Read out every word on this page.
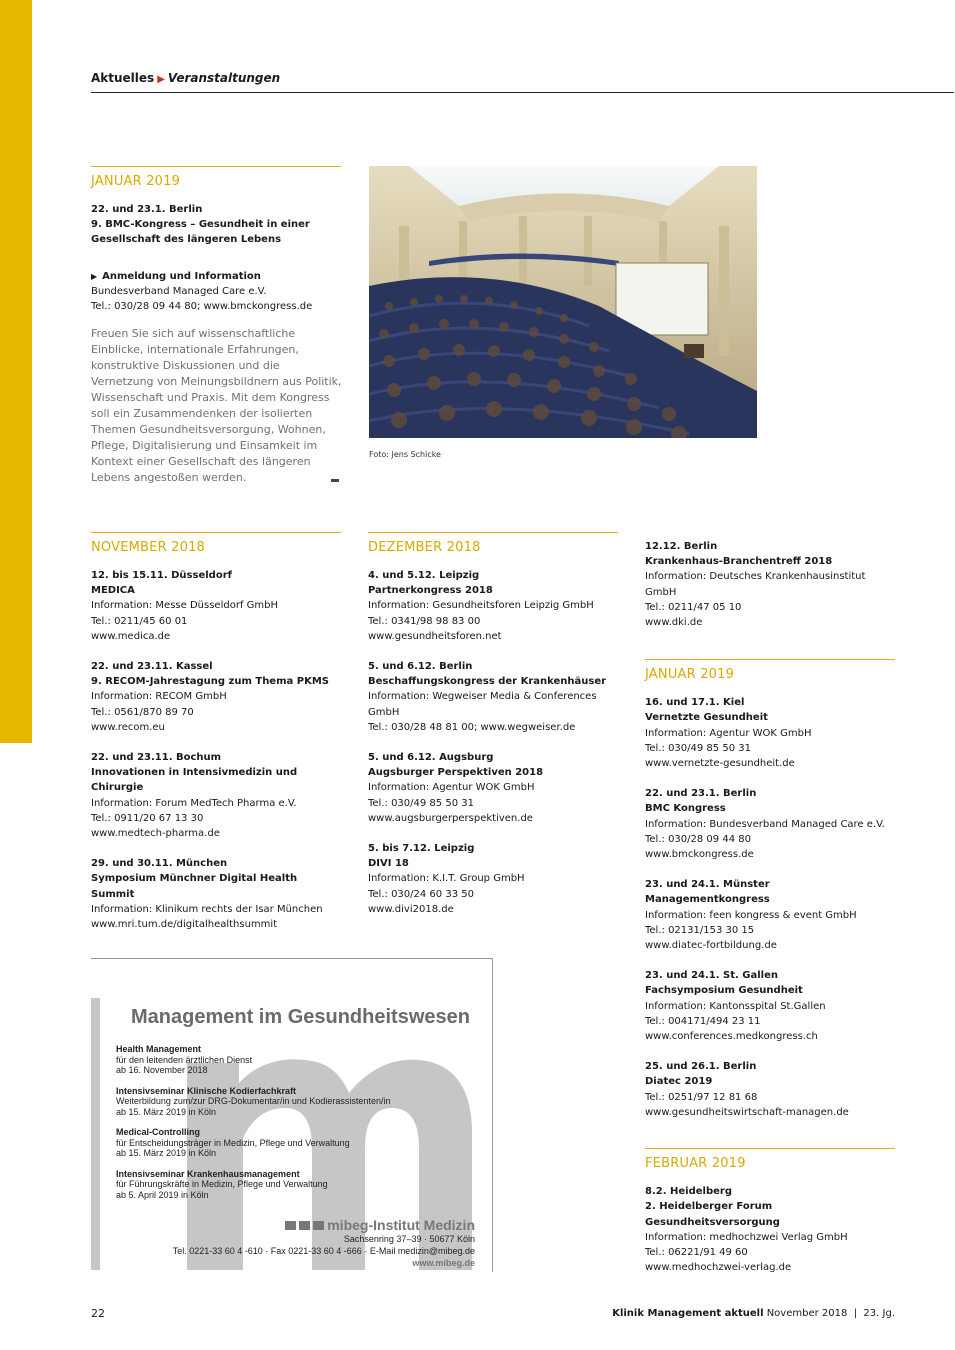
Aktuelles ▶ Veranstaltungen
JANUAR 2019
22. und 23.1. Berlin
9. BMC-Kongress – Gesundheit in einer Gesellschaft des längeren Lebens
▶ Anmeldung und Information
Bundesverband Managed Care e.V.
Tel.: 030/28 09 44 80; www.bmckongress.de
Freuen Sie sich auf wissenschaftliche Einblicke, internationale Erfahrungen, konstruktive Diskussionen und die Vernetzung von Meinungsbildnern aus Politik, Wissenschaft und Praxis. Mit dem Kongress soll ein Zusammendenken der isolierten Themen Gesundheitsversorgung, Wohnen, Pflege, Digitalisierung und Einsamkeit im Kontext einer Gesellschaft des längeren Lebens angestoßen werden.
Foto: Jens Schicke
NOVEMBER 2018
12. bis 15.11. Düsseldorf
MEDICA
Information: Messe Düsseldorf GmbH
Tel.: 0211/45 60 01
www.medica.de
22. und 23.11. Kassel
9. RECOM-Jahrestagung zum Thema PKMS
Information: RECOM GmbH
Tel.: 0561/870 89 70
www.recom.eu
22. und 23.11. Bochum
Innovationen in Intensivmedizin und Chirurgie
Information: Forum MedTech Pharma e.V.
Tel.: 0911/20 67 13 30
www.medtech-pharma.de
29. und 30.11. München
Symposium Münchner Digital Health Summit
Information: Klinikum rechts der Isar München
www.mri.tum.de/digitalhealthsummit
DEZEMBER 2018
4. und 5.12. Leipzig
Partnerkongress 2018
Information: Gesundheitsforen Leipzig GmbH
Tel.: 0341/98 98 83 00
www.gesundheitsforen.net
5. und 6.12. Berlin
Beschaffungskongress der Krankenhäuser
Information: Wegweiser Media & Conferences GmbH
Tel.: 030/28 48 81 00; www.wegweiser.de
5. und 6.12. Augsburg
Augsburger Perspektiven 2018
Information: Agentur WOK GmbH
Tel.: 030/49 85 50 31
www.augsburgerperspektiven.de
5. bis 7.12. Leipzig
DIVI 18
Information: K.I.T. Group GmbH
Tel.: 030/24 60 33 50
www.divi2018.de
12.12. Berlin
Krankenhaus-Branchentreff 2018
Information: Deutsches Krankenhausinstitut GmbH
Tel.: 0211/47 05 10
www.dki.de
JANUAR 2019
16. und 17.1. Kiel
Vernetzte Gesundheit
Information: Agentur WOK GmbH
Tel.: 030/49 85 50 31
www.vernetzte-gesundheit.de
22. und 23.1. Berlin
BMC Kongress
Information: Bundesverband Managed Care e.V.
Tel.: 030/28 09 44 80
www.bmckongress.de
23. und 24.1. Münster
Managementkongress
Information: feen kongress & event GmbH
Tel.: 02131/153 30 15
www.diatec-fortbildung.de
23. und 24.1. St. Gallen
Fachsymposium Gesundheit
Information: Kantonsspital St.Gallen
Tel.: 004171/494 23 11
www.conferences.medkongress.ch
25. und 26.1. Berlin
Diatec 2019
Tel.: 0251/97 12 81 68
www.gesundheitswirtschaft-managen.de
FEBRUAR 2019
8.2. Heidelberg
2. Heidelberger Forum Gesundheitsversorgung
Information: medhochzwei Verlag GmbH
Tel.: 06221/91 49 60
www.medhochzwei-verlag.de
Management im Gesundheitswesen
Health Management
für den leitenden ärztlichen Dienst
ab 16. November 2018
Intensivseminar Klinische Kodierfachkraft
Weiterbildung zum/zur DRG-Dokumentar/in und Kodierassistenten/in
ab 15. März 2019 in Köln
Medical-Controlling
für Entscheidungsträger in Medizin, Pflege und Verwaltung
ab 15. März 2019 in Köln
Intensivseminar Krankenhausmanagement
für Führungskräfte in Medizin, Pflege und Verwaltung
ab 5. April 2019 in Köln
mibeg-Institut Medizin
Sachsenring 37–39 · 50677 Köln
Tel. 0221-33 60 4 -610 · Fax 0221-33 60 4 -666 · E-Mail medizin@mibeg.de
www.mibeg.de
22	Klinik Management aktuell November 2018  |  23. Jg.
